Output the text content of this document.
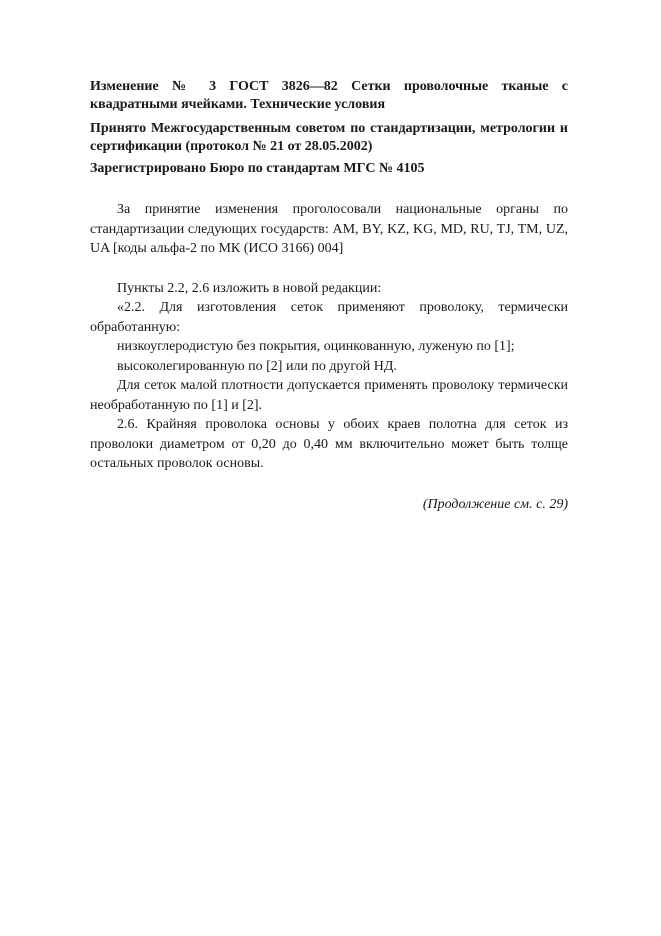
Изменение № 3 ГОСТ 3826—82 Сетки проволочные тканые с квадратными ячейками. Технические условия

Принято Межгосударственным советом по стандартизации, метрологии и сертификации (протокол № 21 от 28.05.2002)

Зарегистрировано Бюро по стандартам МГС № 4105

За принятие изменения проголосовали национальные органы по стандартизации следующих государств: AM, BY, KZ, KG, MD, RU, TJ, TM, UZ, UA [коды альфа-2 по МК (ИСО 3166) 004]

Пункты 2.2, 2.6 изложить в новой редакции:

«2.2. Для изготовления сеток применяют проволоку, термически обработанную:

низкоуглеродистую без покрытия, оцинкованную, луженую по [1];

высоколегированную по [2] или по другой НД.

Для сеток малой плотности допускается применять проволоку термически необработанную по [1] и [2].

2.6. Крайняя проволока основы у обоих краев полотна для сеток из проволоки диаметром от 0,20 до 0,40 мм включительно может быть толще остальных проволок основы.

(Продолжение см. с. 29)
